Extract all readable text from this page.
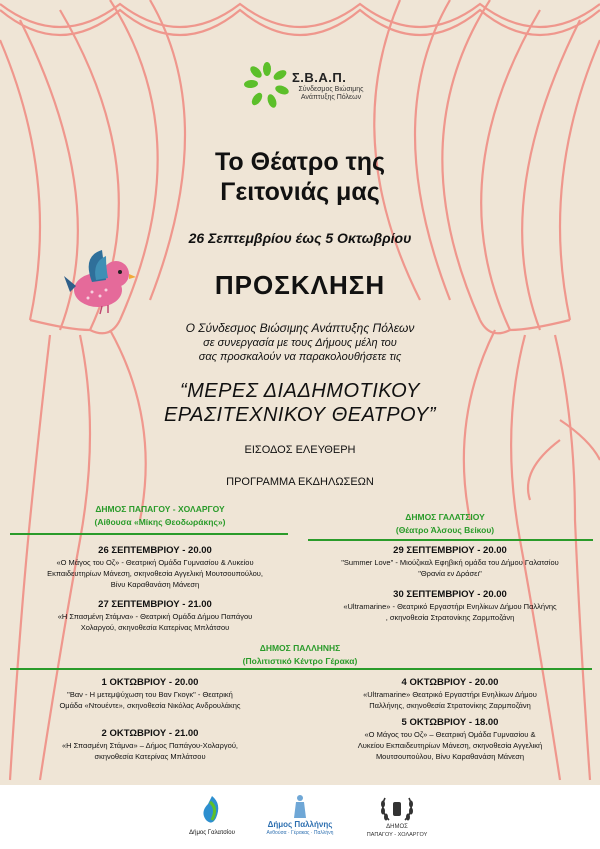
Σ.Β.Α.Π.
Σύνδεσμος Βιώσιμης Ανάπτυξης Πόλεων
Το Θέατρο της
Γειτονιάς μας
26 Σεπτεμβρίου έως 5 Οκτωβρίου
ΠΡΟΣΚΛΗΣΗ
Ο Σύνδεσμος Βιώσιμης Ανάπτυξης Πόλεων
σε συνεργασία με τους Δήμους μέλη του
σας προσκαλούν να παρακολουθήσετε τις
“ΜΕΡΕΣ ΔΙΑΔΗΜΟΤΙΚΟΥ
ΕΡΑΣΙΤΕΧΝΙΚΟΥ ΘΕΑΤΡΟΥ”
ΕΙΣΟΔΟΣ ΕΛΕΥΘΕΡΗ
ΠΡΟΓΡΑΜΜΑ ΕΚΔΗΛΩΣΕΩΝ
ΔΗΜΟΣ ΠΑΠΑΓΟΥ - ΧΟΛΑΡΓΟΥ
(Αίθουσα «Μίκης Θεοδωράκης»)
26 ΣΕΠΤΕΜΒΡΙΟΥ - 20.00
«Ο Μάγος του Οζ» - Θεατρική Ομάδα Γυμνασίου & Λυκείου
Εκπαιδευτηρίων Μάνεση, σκηνοθεσία Αγγελική Μουτσουπούλου,
Βίνυ Καραθανάση Μάνεση
27 ΣΕΠΤΕΜΒΡΙΟΥ - 21.00
«Η Σπασμένη Στάμνα» - Θεατρική Ομάδα Δήμου Παπάγου
Χολαργού, σκηνοθεσία Κατερίνας Μπλάτσου
ΔΗΜΟΣ ΓΑΛΑΤΣΙΟΥ
(Θέατρο Άλσους Βείκου)
29 ΣΕΠΤΕΜΒΡΙΟΥ - 20.00
"Summer Love" - Μιούζικαλ Εφηβική ομάδα του Δήμου Γαλατσίου
"Θρανία εν Δράσει"
30 ΣΕΠΤΕΜΒΡΙΟΥ - 20.00
«Ultramarine» - Θεατρικό Εργαστήρι Ενηλίκων Δήμου Παλλήνης
, σκηνοθεσία Στρατονίκης Ζαρμποζάνη
ΔΗΜΟΣ ΠΑΛΛΗΝΗΣ
(Πολιτιστικό Κέντρο Γέρακα)
1 ΟΚΤΩΒΡΙΟΥ - 20.00
"Βαν - Η μετεμψύχωση του Βαν Γκογκ" - Θεατρική
Ομάδα «Ντουέντε», σκηνοθεσία Νικόλας Ανδρουλάκης
2 ΟΚΤΩΒΡΙΟΥ - 21.00
«Η Σπασμένη Στάμνα» – Δήμος Παπάγου-Χολαργού,
σκηνοθεσία Κατερίνας Μπλάτσου
4 ΟΚΤΩΒΡΙΟΥ - 20.00
«Ultramarine» Θεατρικό Εργαστήρι Ενηλίκων Δήμου
Παλλήνης, σκηνοθεσία Στρατονίκης Ζαρμποζάνη
5 ΟΚΤΩΒΡΙΟΥ - 18.00
«Ο Μάγος του Οζ» – Θεατρική Ομάδα Γυμνασίου &
Λυκείου Εκπαιδευτηρίων Μάνεση, σκηνοθεσία Αγγελική
Μουτσουπούλου, Βίνυ Καραθανάση Μάνεση
Δήμος Γαλατσίου
Δήμος Παλλήνης
Ανθούσα · Γέρακας · Παλλήνη
ΔΗΜΟΣ
ΠΑΠΑΓΟΥ - ΧΟΛΑΡΓΟΥ
